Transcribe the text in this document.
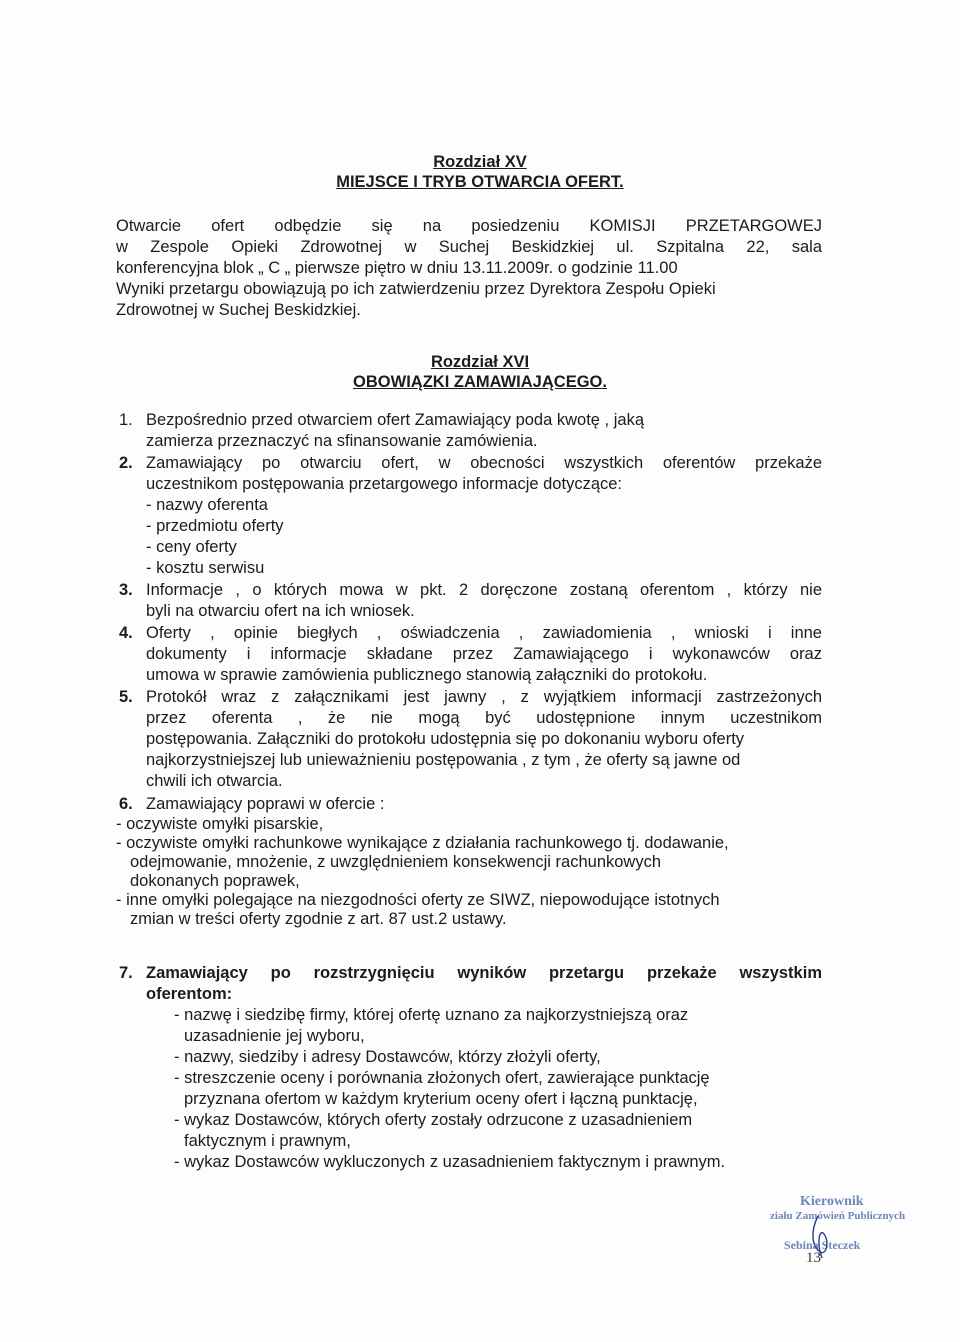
Rozdział XV
MIEJSCE I TRYB OTWARCIA OFERT.
Otwarcie ofert odbędzie się na posiedzeniu KOMISJI PRZETARGOWEJ
w Zespole Opieki Zdrowotnej w Suchej Beskidzkiej ul. Szpitalna 22, sala
konferencyjna blok „ C „ pierwsze piętro w dniu 13.11.2009r. o godzinie 11.00
Wyniki przetargu obowiązują po ich zatwierdzeniu przez Dyrektora Zespołu Opieki
Zdrowotnej w Suchej Beskidzkiej.
Rozdział XVI
OBOWIĄZKI ZAMAWIAJĄCEGO.
1. Bezpośrednio przed otwarciem ofert Zamawiający poda kwotę , jaką
zamierza przeznaczyć na sfinansowanie zamówienia.
2. Zamawiający po otwarciu ofert, w obecności wszystkich oferentów przekaże
uczestnikom postępowania przetargowego informacje dotyczące:
- nazwy oferenta
- przedmiotu oferty
- ceny oferty
- kosztu serwisu
3. Informacje , o których mowa w pkt. 2 doręczone zostaną oferentom , którzy nie
byli na otwarciu ofert na ich wniosek.
4. Oferty , opinie biegłych , oświadczenia , zawiadomienia , wnioski i inne
dokumenty i informacje składane przez Zamawiającego i wykonawców oraz
umowa w sprawie zamówienia publicznego stanowią załączniki do protokołu.
5. Protokół wraz z załącznikami jest jawny , z wyjątkiem informacji zastrzeżonych
przez oferenta , że nie mogą być udostępnione innym uczestnikom
postępowania. Załączniki do protokołu udostępnia się po dokonaniu wyboru oferty
najkorzystniejszej lub unieważnieniu postępowania , z tym , że oferty są jawne od
chwili ich otwarcia.
6. Zamawiający poprawi w ofercie :
- oczywiste omyłki pisarskie,
- oczywiste omyłki rachunkowe wynikające z działania rachunkowego tj. dodawanie,
odejmowanie, mnożenie, z uwzględnieniem konsekwencji rachunkowych
dokonanych poprawek,
- inne omyłki polegające na niezgodności oferty ze SIWZ, niepowodujące istotnych
zmian w treści oferty zgodnie z art. 87 ust.2 ustawy.
7. Zamawiający po rozstrzygnięciu wyników przetargu przekaże wszystkim
oferentom:
- nazwę i siedzibę firmy, której ofertę uznano za najkorzystniejszą oraz
uzasadnienie jej wyboru,
- nazwy, siedziby i adresy Dostawców, którzy złożyli oferty,
- streszczenie oceny i porównania złożonych ofert, zawierające punktację
przyznana ofertom w każdym kryterium oceny ofert i łączną punktację,
- wykaz Dostawców, których oferty zostały odrzucone z uzasadnieniem
faktycznym i prawnym,
- wykaz Dostawców wykluczonych z uzasadnieniem faktycznym i prawnym.
Kierownik
ziału Zamówień Publicznych
Sebina Steczek
13
